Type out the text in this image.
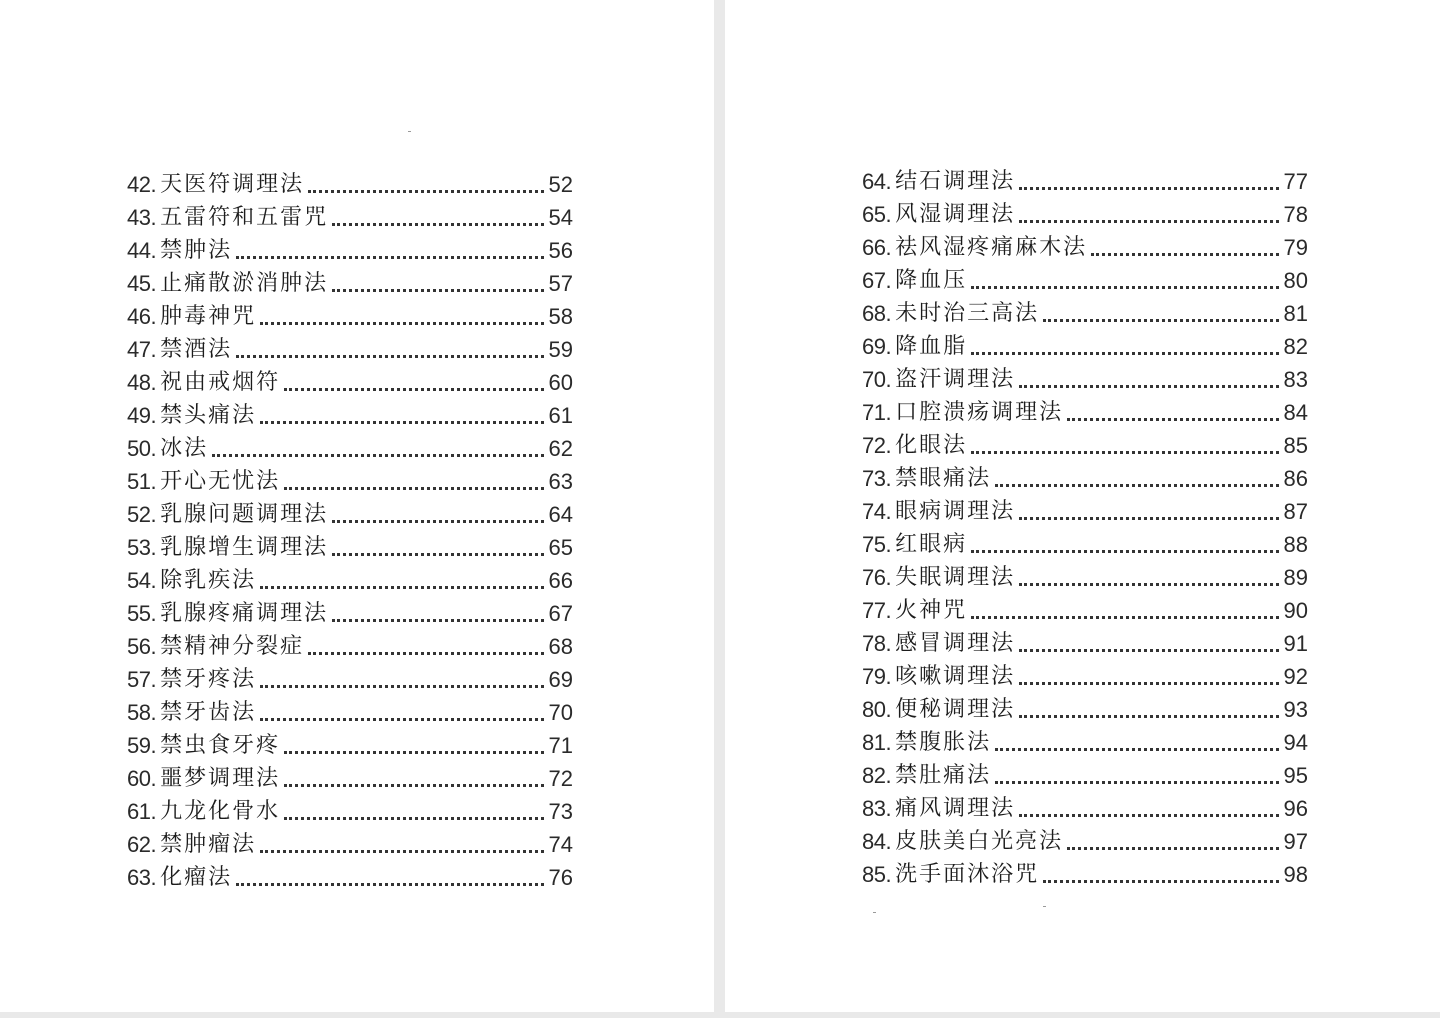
42. 天医符调理法	52
43. 五雷符和五雷咒	54
44. 禁肿法	56
45. 止痛散淤消肿法	57
46. 肿毒神咒	58
47. 禁酒法	59
48. 祝由戒烟符	60
49. 禁头痛法	61
50. 冰法	62
51. 开心无忧法	63
52. 乳腺问题调理法	64
53. 乳腺增生调理法	65
54. 除乳疾法	66
55. 乳腺疼痛调理法	67
56. 禁精神分裂症	68
57. 禁牙疼法	69
58. 禁牙齿法	70
59. 禁虫食牙疼	71
60. 噩梦调理法	72
61. 九龙化骨水	73
62. 禁肿瘤法	74
63. 化瘤法	76
64. 结石调理法	77
65. 风湿调理法	78
66. 祛风湿疼痛麻木法	79
67. 降血压	80
68. 未时治三高法	81
69. 降血脂	82
70. 盗汗调理法	83
71. 口腔溃疡调理法	84
72. 化眼法	85
73. 禁眼痛法	86
74. 眼病调理法	87
75. 红眼病	88
76. 失眠调理法	89
77. 火神咒	90
78. 感冒调理法	91
79. 咳嗽调理法	92
80. 便秘调理法	93
81. 禁腹胀法	94
82. 禁肚痛法	95
83. 痛风调理法	96
84. 皮肤美白光亮法	97
85. 洗手面沐浴咒	98
